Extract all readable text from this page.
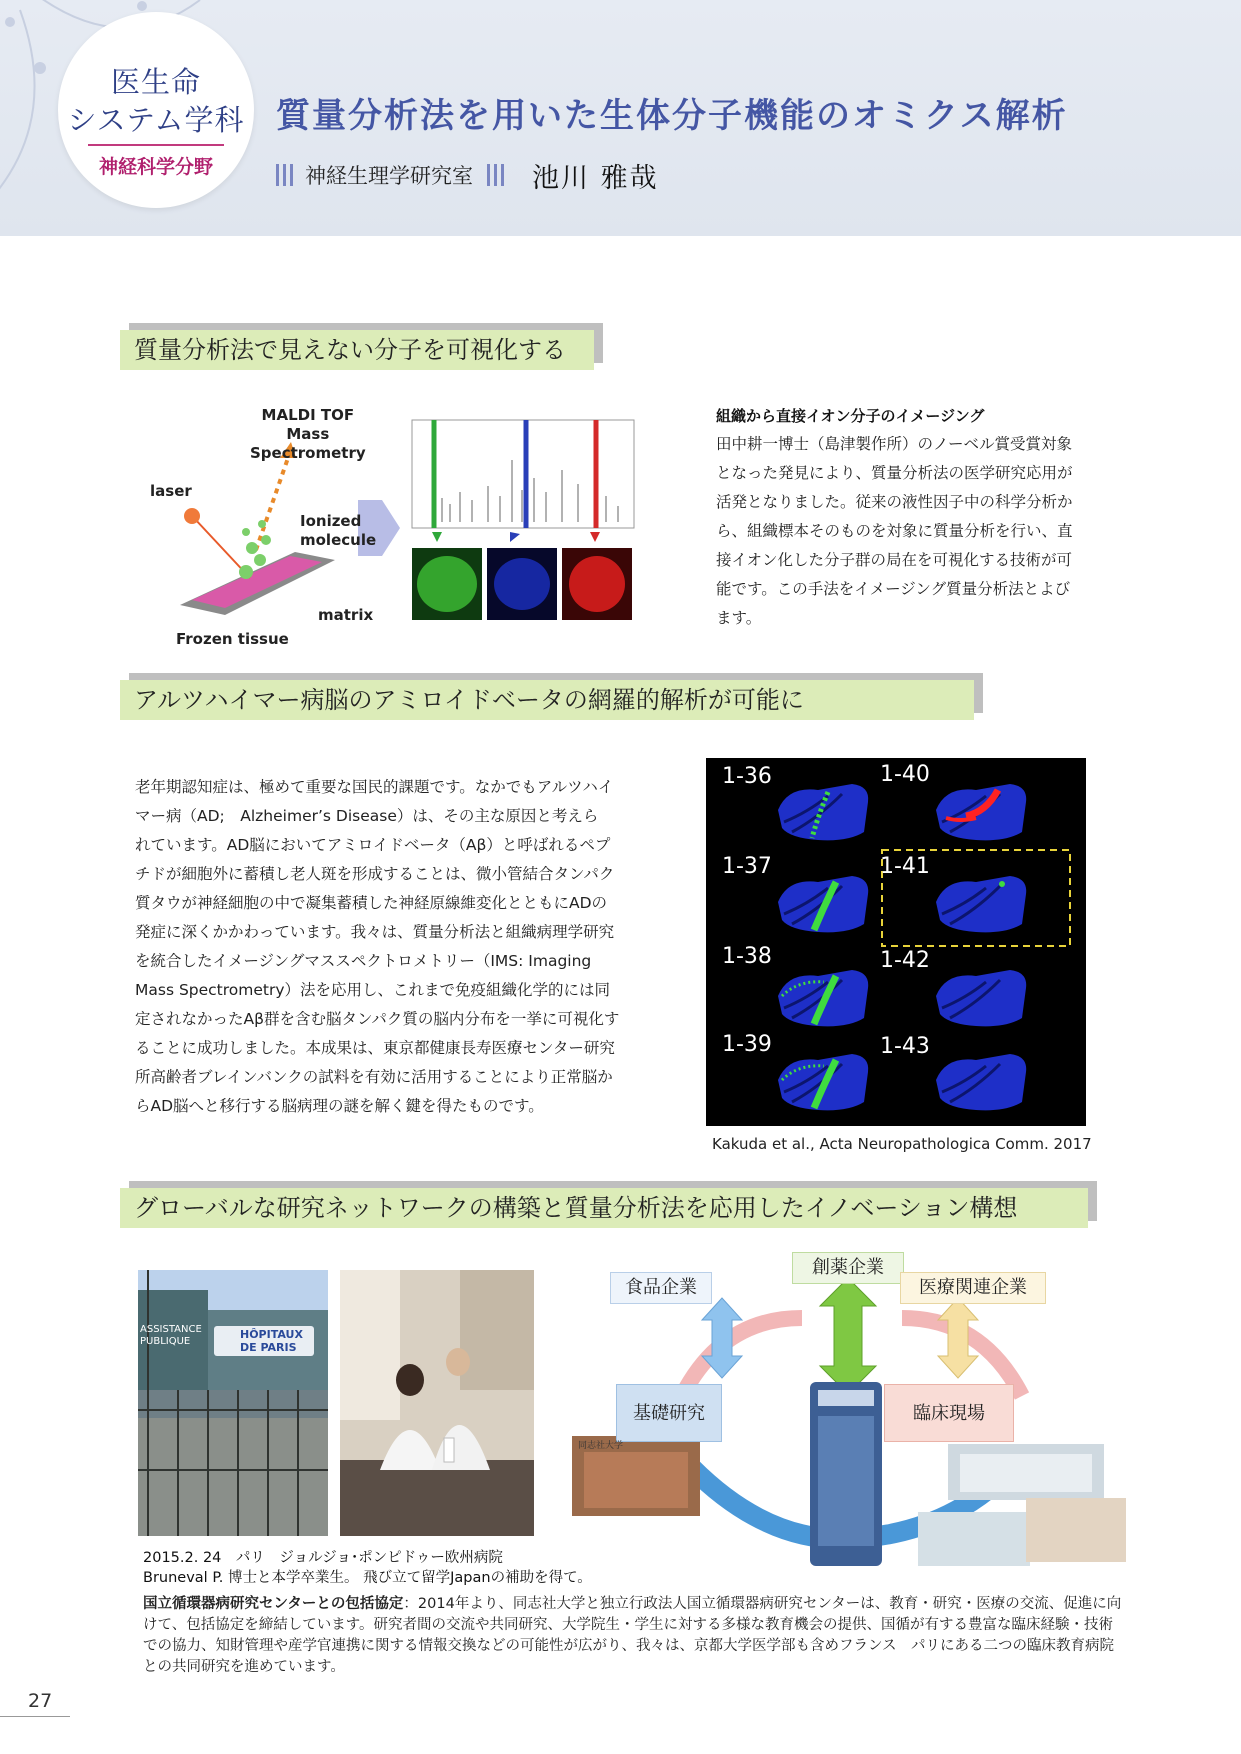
医生命
システム学科
神経科学分野
質量分析法を用いた生体分子機能のオミクス解析
神経生理学研究室 池川 雅哉
質量分析法で見えない分子を可視化する
MALDI TOF
Mass
Spectrometry
laser
Ionized
molecule
matrix
Frozen tissue
組織から直接イオン分子のイメージング

田中耕一博士（島津製作所）のノーベル賞受賞対象

となった発見により、質量分析法の医学研究応用が

活発となりました。従来の液性因子中の科学分析か

ら、組織標本そのものを対象に質量分析を行い、直

接イオン化した分子群の局在を可視化する技術が可

能です。この手法をイメージング質量分析法とよび

ます。

アルツハイマー病脳のアミロイドベータの網羅的解析が可能に

老年期認知症は、極めて重要な国民的課題です。なかでもアルツハイ

マー病（AD;　Alzheimer’s Disease）は、その主な原因と考えら

れています。AD脳においてアミロイドベータ（Aβ）と呼ばれるペプ

チドが細胞外に蓄積し老人斑を形成することは、微小管結合タンパク

質タウが神経細胞の中で凝集蓄積した神経原線維変化とともにADの

発症に深くかかわっています。我々は、質量分析法と組織病理学研究

を統合したイメージングマススペクトロメトリー（IMS: Imaging

Mass Spectrometry）法を応用し、これまで免疫組織化学的には同

定されなかったAβ群を含む脳タンパク質の脳内分布を一挙に可視化す

ることに成功しました。本成果は、東京都健康長寿医療センター研究

所高齢者ブレインバンクの試料を有効に活用することにより正常脳か

らAD脳へと移行する脳病理の謎を解く鍵を得たものです。

1-36	1-40
1-37	1-41
1-38	1-42
1-39	1-43
Kakuda et al., Acta Neuropathologica Comm. 2017
グローバルな研究ネットワークの構築と質量分析法を応用したイノベーション構想
ASSISTANCE
PUBLIQUE
HÔPITAUX
DE PARIS
2015.2. 24　パリ　ジョルジョ･ポンピドゥー欧州病院
Bruneval P. 博士と本学卒業生。 飛び立て留学Japanの補助を得て。
食品企業
創薬企業
医療関連企業
基礎研究	臨床現場
同志社大学
国立循環器病研究センターとの包括協定：2014年より、同志社大学と独立行政法人国立循環器病研究センターは、教育・研究・医療の交流、促進に向けて、包括協定を締結しています。研究者間の交流や共同研究、大学院生・学生に対する多様な教育機会の提供、国循が有する豊富な臨床経験・技術での協力、知財管理や産学官連携に関する情報交換などの可能性が広がり、我々は、京都大学医学部も含めフランス　パリにある二つの臨床教育病院との共同研究を進めています。
27
